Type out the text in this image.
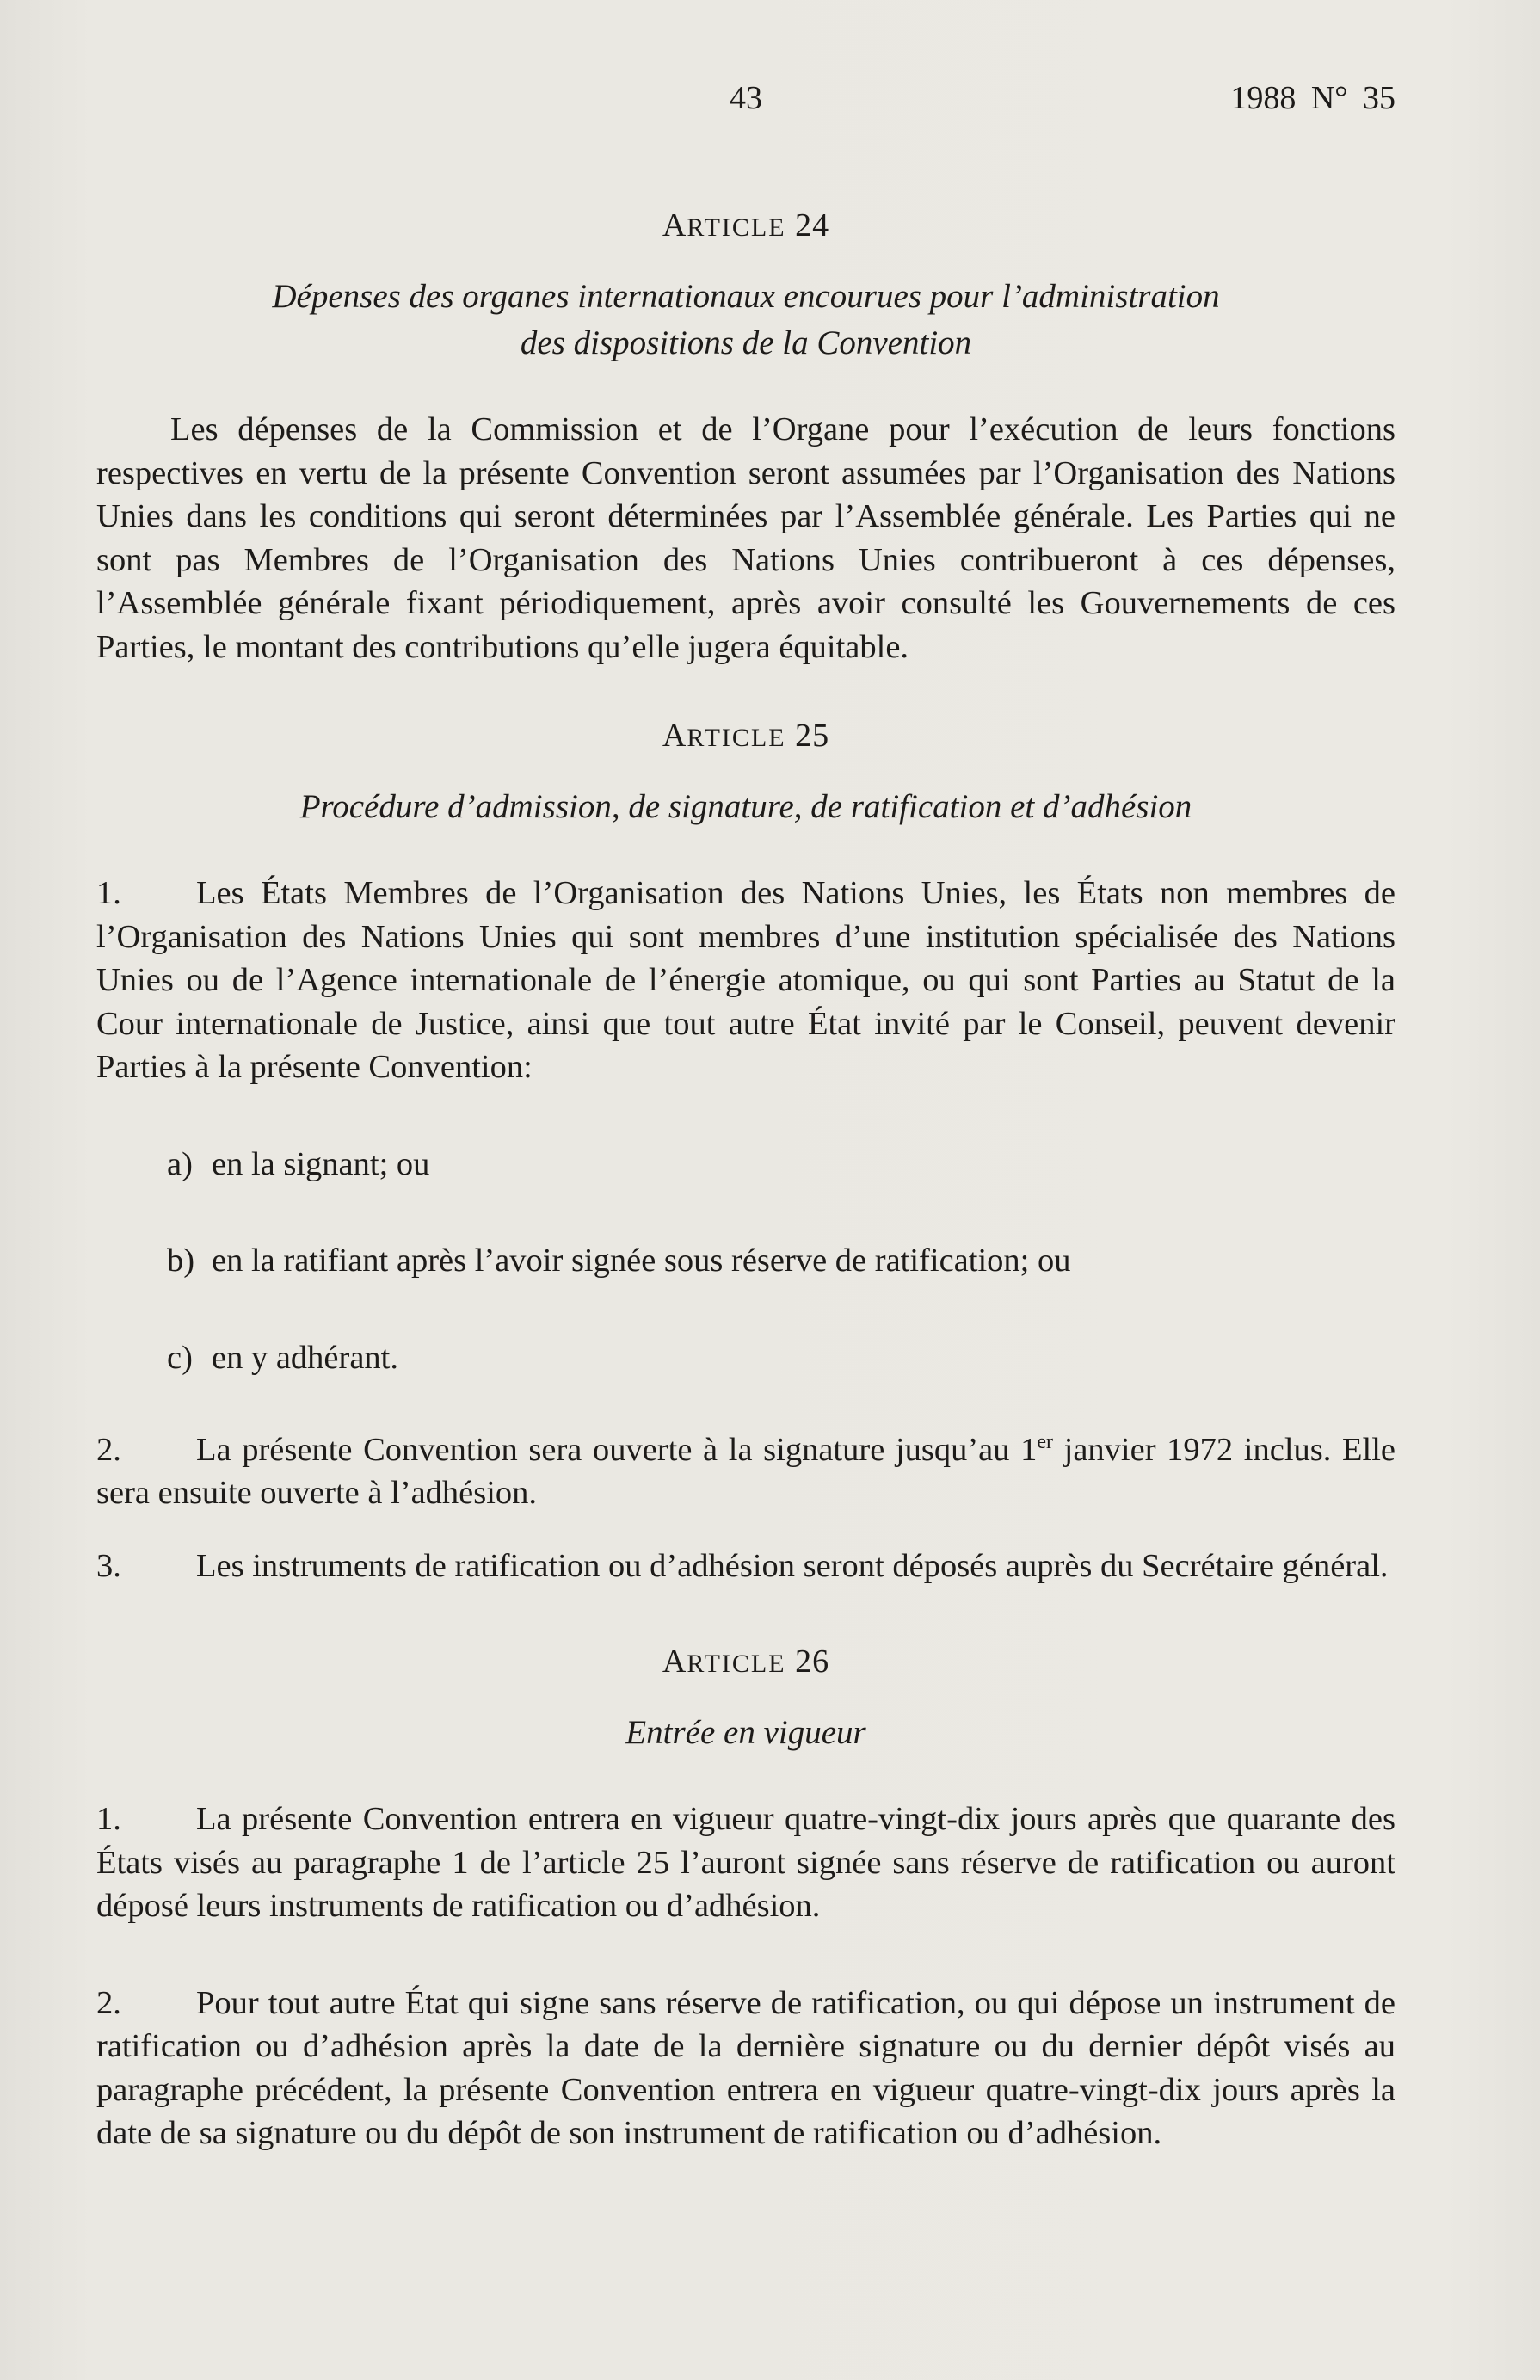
43	1988 N° 35
ARTICLE 24
Dépenses des organes internationaux encourues pour l’administration
des dispositions de la Convention

Les dépenses de la Commission et de l’Organe pour l’exécution de leurs fonctions respectives en vertu de la présente Convention seront assumées par l’Organisation des Nations Unies dans les conditions qui seront déterminées par l’Assemblée générale. Les Parties qui ne sont pas Membres de l’Organisation des Nations Unies contribueront à ces dépenses, l’Assemblée générale fixant périodiquement, après avoir consulté les Gouvernements de ces Parties, le montant des contributions qu’elle jugera équitable.

ARTICLE 25
Procédure d’admission, de signature, de ratification et d’adhésion

1. Les États Membres de l’Organisation des Nations Unies, les États non membres de l’Organisation des Nations Unies qui sont membres d’une institution spécialisée des Nations Unies ou de l’Agence internationale de l’énergie atomique, ou qui sont Parties au Statut de la Cour internationale de Justice, ainsi que tout autre État invité par le Conseil, peuvent devenir Parties à la présente Convention:

a) en la signant; ou

b) en la ratifiant après l’avoir signée sous réserve de ratification; ou

c) en y adhérant.

2. La présente Convention sera ouverte à la signature jusqu’au 1er janvier 1972 inclus. Elle sera ensuite ouverte à l’adhésion.

3. Les instruments de ratification ou d’adhésion seront déposés auprès du Secrétaire général.

ARTICLE 26
Entrée en vigueur

1. La présente Convention entrera en vigueur quatre-vingt-dix jours après que quarante des États visés au paragraphe 1 de l’article 25 l’auront signée sans réserve de ratification ou auront déposé leurs instruments de ratification ou d’adhésion.

2. Pour tout autre État qui signe sans réserve de ratification, ou qui dépose un instrument de ratification ou d’adhésion après la date de la dernière signature ou du dernier dépôt visés au paragraphe précédent, la présente Convention entrera en vigueur quatre-vingt-dix jours après la date de sa signature ou du dépôt de son instrument de ratification ou d’adhésion.
